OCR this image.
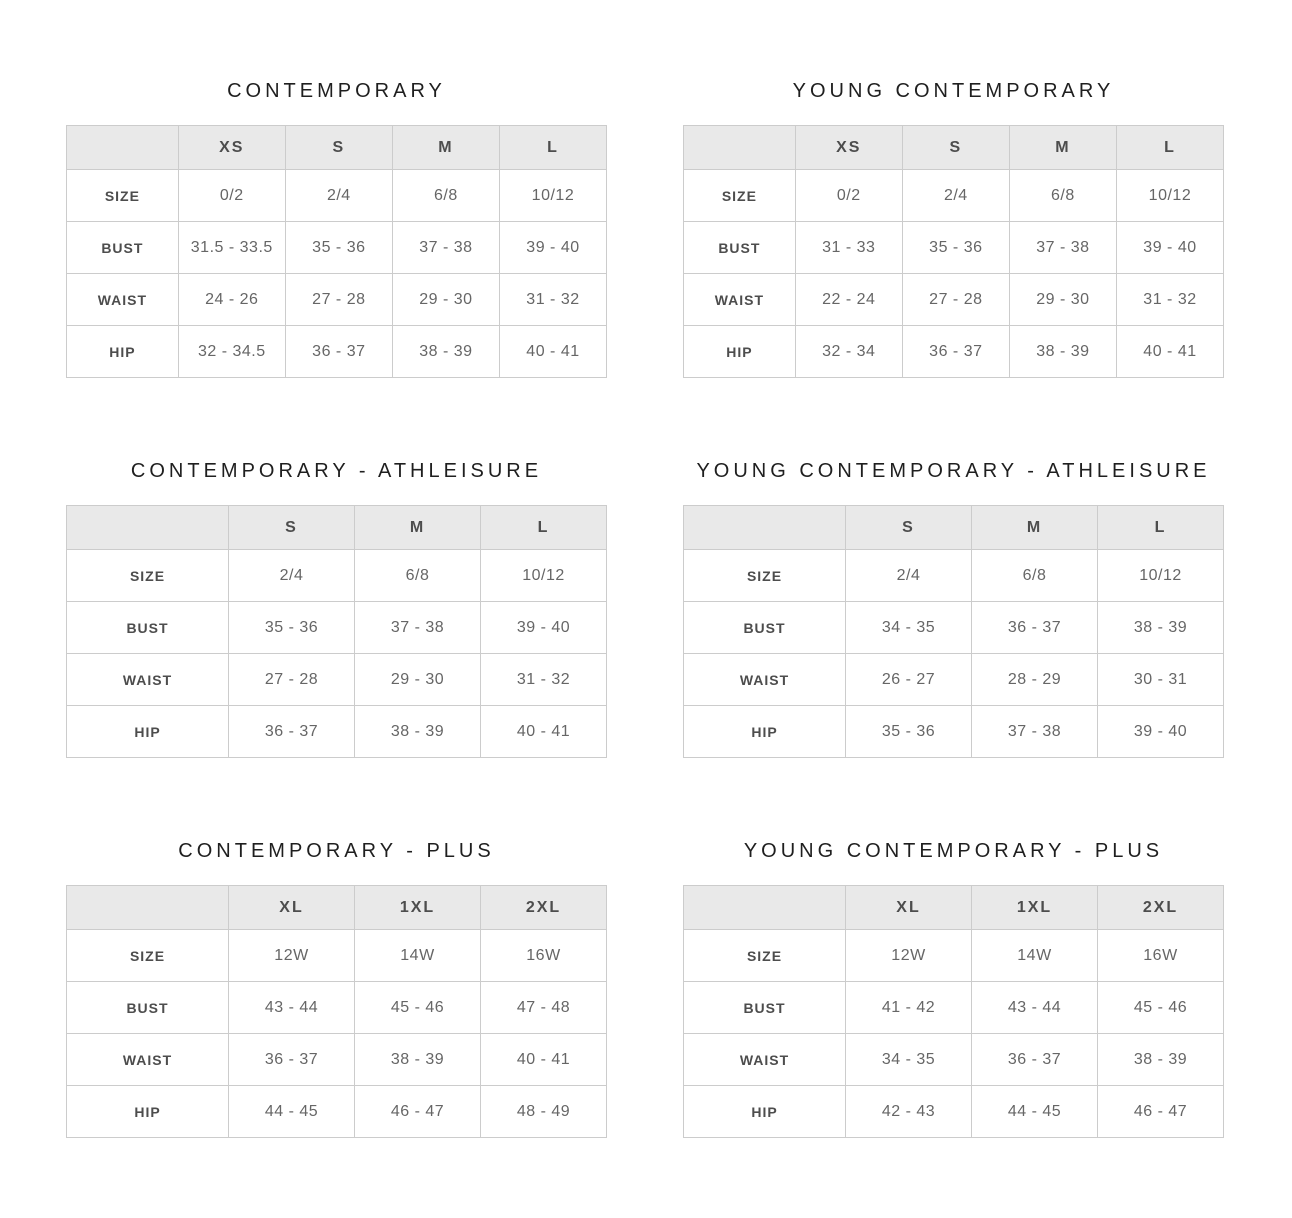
CONTEMPORARY
	XS	S	M	L
SIZE	0/2	2/4	6/8	10/12
BUST	31.5 - 33.5	35 - 36	37 - 38	39 - 40
WAIST	24 - 26	27 - 28	29 - 30	31 - 32
HIP	32 - 34.5	36 - 37	38 - 39	40 - 41
YOUNG CONTEMPORARY
	XS	S	M	L
SIZE	0/2	2/4	6/8	10/12
BUST	31 - 33	35 - 36	37 - 38	39 - 40
WAIST	22 - 24	27 - 28	29 - 30	31 - 32
HIP	32 - 34	36 - 37	38 - 39	40 - 41
CONTEMPORARY - ATHLEISURE
	S	M	L
SIZE	2/4	6/8	10/12
BUST	35 - 36	37 - 38	39 - 40
WAIST	27 - 28	29 - 30	31 - 32
HIP	36 - 37	38 - 39	40 - 41
YOUNG CONTEMPORARY - ATHLEISURE
	S	M	L
SIZE	2/4	6/8	10/12
BUST	34 - 35	36 - 37	38 - 39
WAIST	26 - 27	28 - 29	30 - 31
HIP	35 - 36	37 - 38	39 - 40
CONTEMPORARY - PLUS
	XL	1XL	2XL
SIZE	12W	14W	16W
BUST	43 - 44	45 - 46	47 - 48
WAIST	36 - 37	38 - 39	40 - 41
HIP	44 - 45	46 - 47	48 - 49
YOUNG CONTEMPORARY - PLUS
	XL	1XL	2XL
SIZE	12W	14W	16W
BUST	41 - 42	43 - 44	45 - 46
WAIST	34 - 35	36 - 37	38 - 39
HIP	42 - 43	44 - 45	46 - 47
